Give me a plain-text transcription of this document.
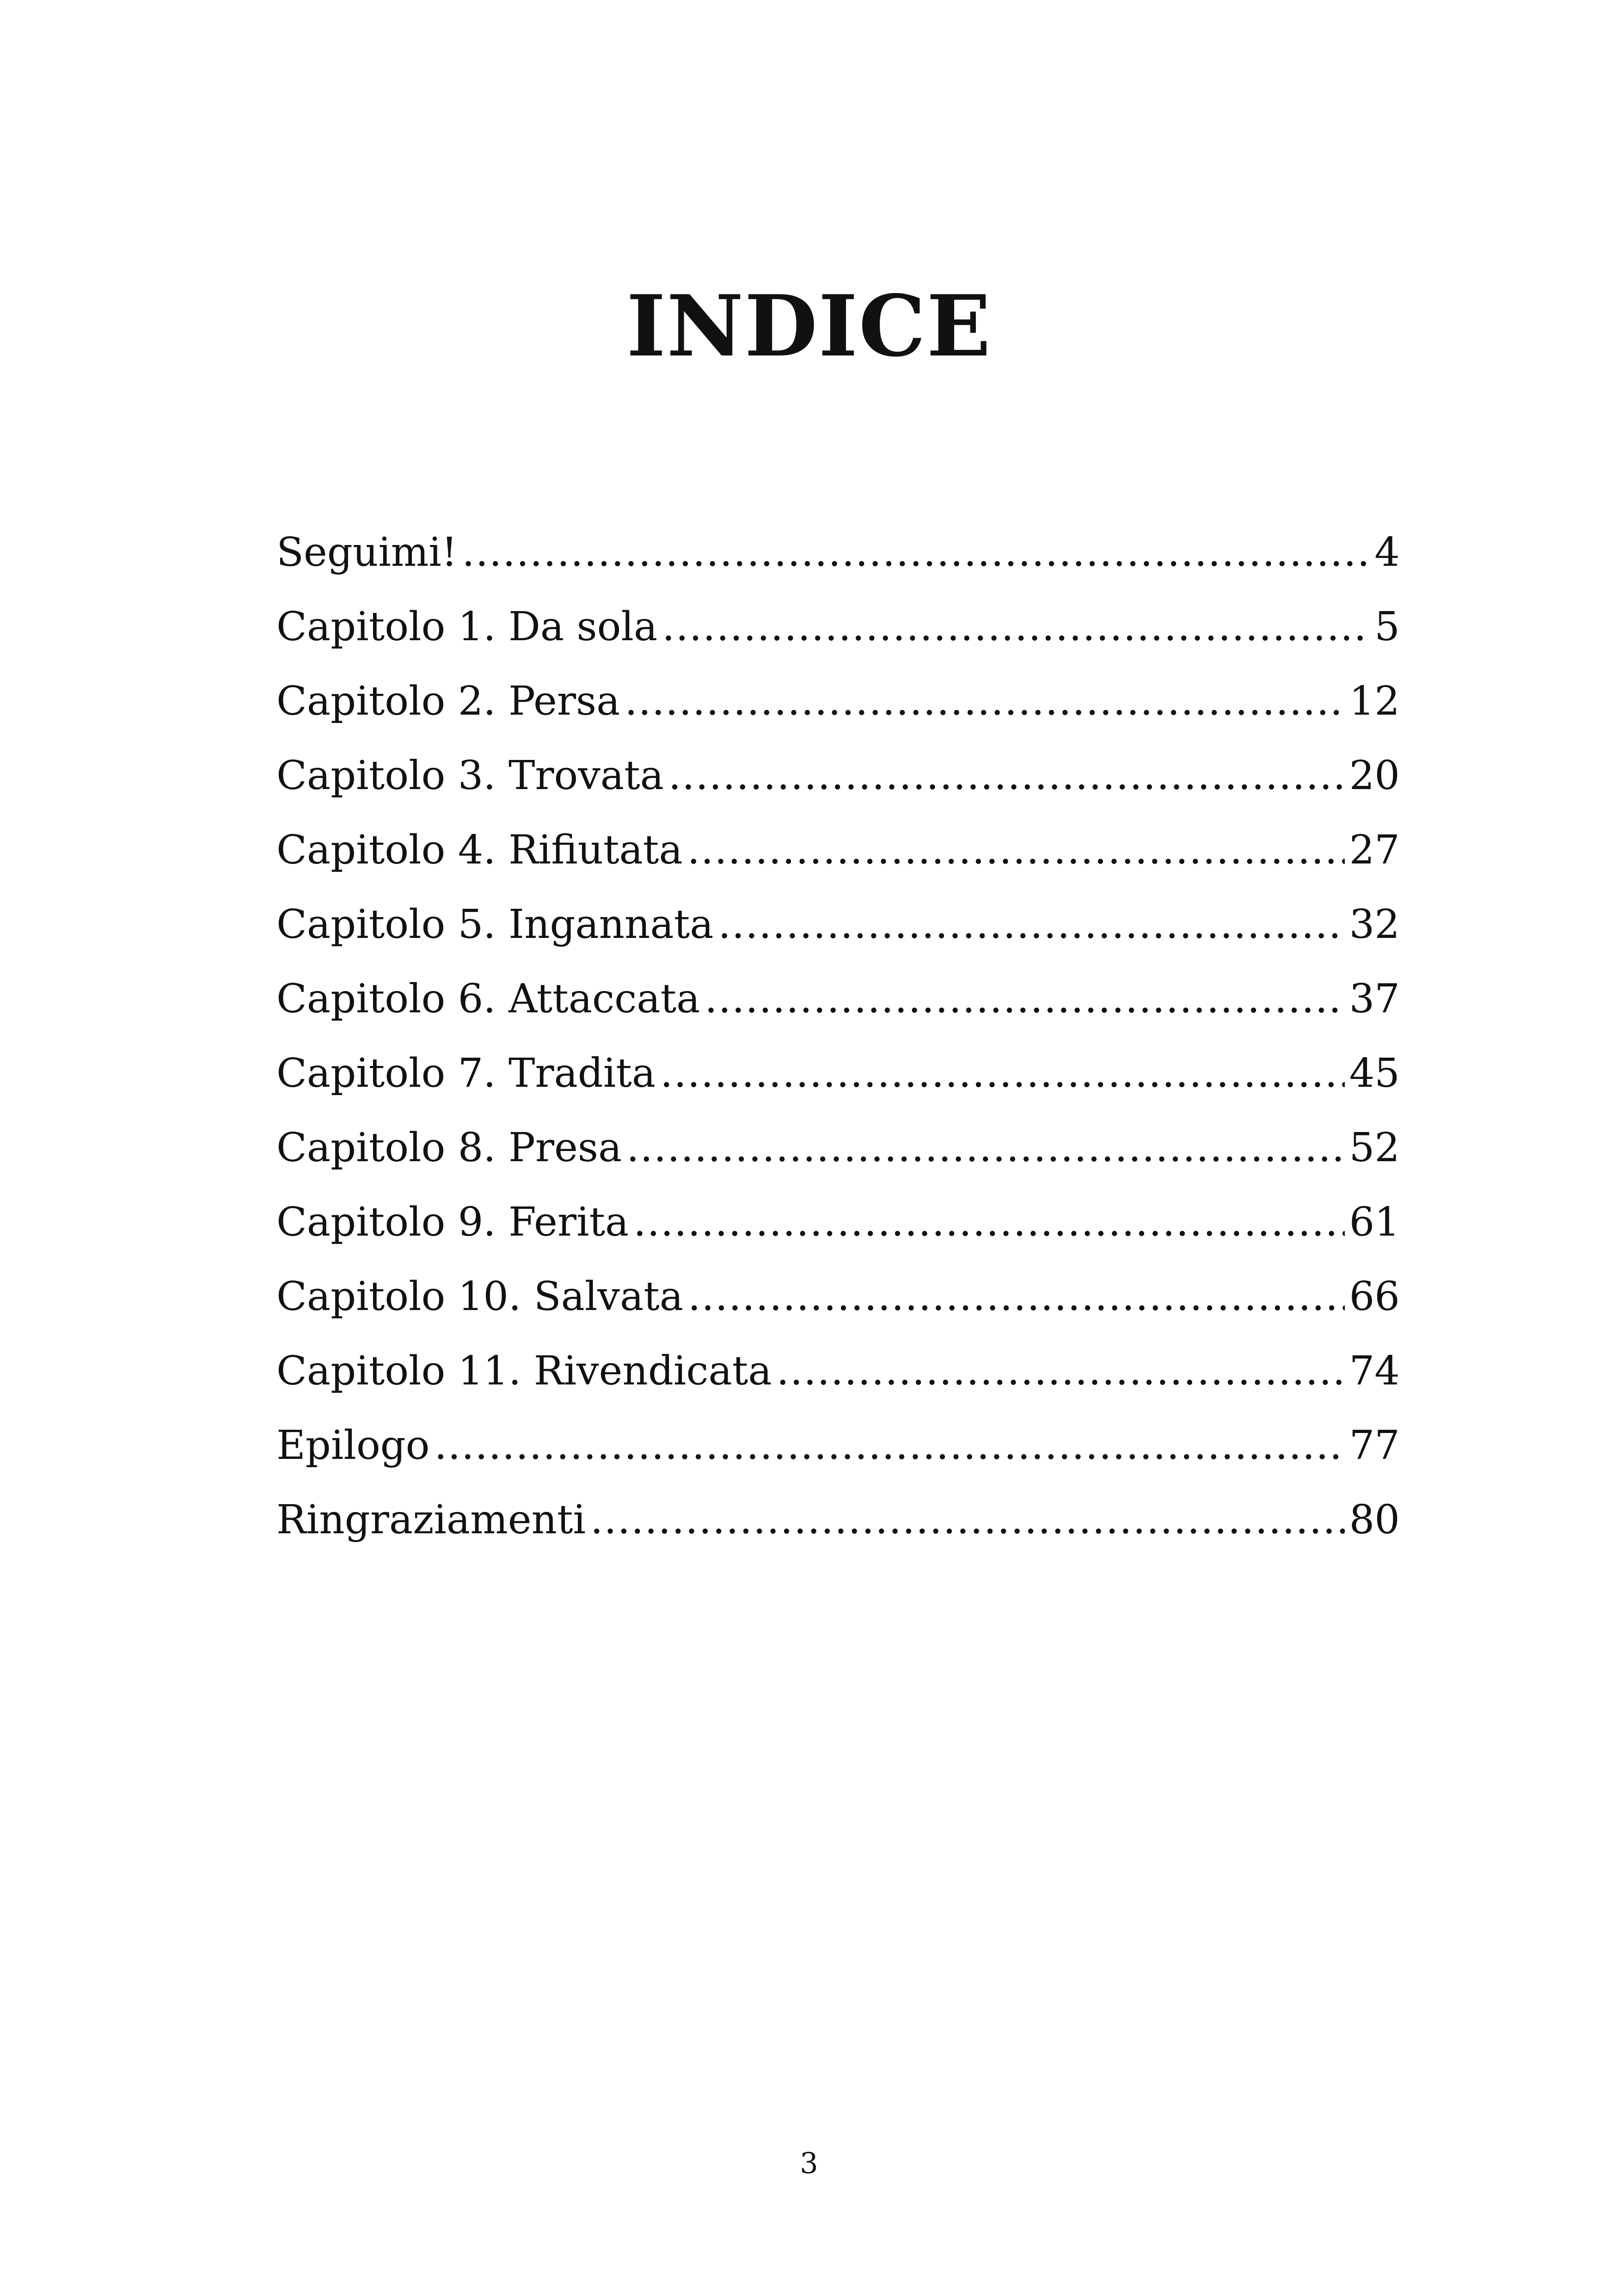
INDICE
Seguimi! .....	4
Capitolo 1. Da sola .....	5
Capitolo 2. Persa .....	12
Capitolo 3. Trovata .....	20
Capitolo 4. Rifiutata .....	27
Capitolo 5. Ingannata .....	32
Capitolo 6. Attaccata .....	37
Capitolo 7. Tradita .....	45
Capitolo 8. Presa .....	52
Capitolo 9. Ferita .....	61
Capitolo 10. Salvata .....	66
Capitolo 11. Rivendicata .....	74
Epilogo .....	77
Ringraziamenti .....	80
3
